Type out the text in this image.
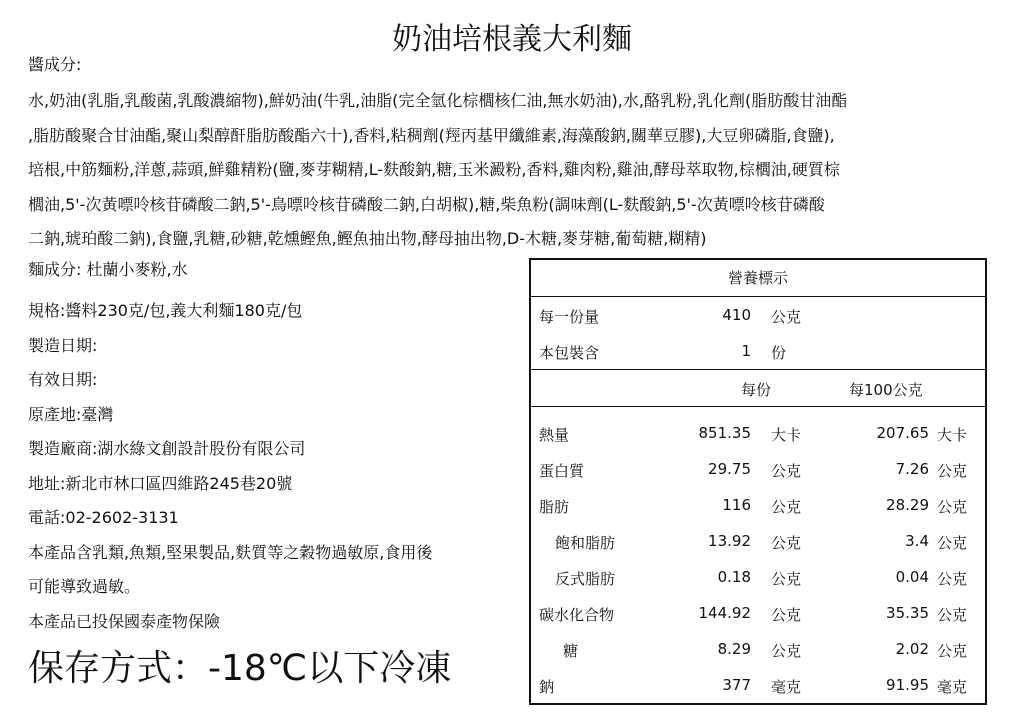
奶油培根義大利麵
醬成分:
水,奶油(乳脂,乳酸菌,乳酸濃縮物),鮮奶油(牛乳,油脂(完全氫化棕櫚核仁油,無水奶油),水,酪乳粉,乳化劑(脂肪酸甘油酯
,脂肪酸聚合甘油酯,聚山梨醇酐脂肪酸酯六十),香料,粘稠劑(羥丙基甲纖維素,海藻酸鈉,關華豆膠),大豆卵磷脂,食鹽),
培根,中筋麵粉,洋蔥,蒜頭,鮮雞精粉(鹽,麥芽糊精,L-麩酸鈉,糖,玉米澱粉,香料,雞肉粉,雞油,酵母萃取物,棕櫚油,硬質棕
櫚油,5'-次黃嘌呤核苷磷酸二鈉,5'-鳥嘌呤核苷磷酸二鈉,白胡椒),糖,柴魚粉(調味劑(L-麩酸鈉,5'-次黃嘌呤核苷磷酸
二鈉,琥珀酸二鈉),食鹽,乳糖,砂糖,乾燻鰹魚,鰹魚抽出物,酵母抽出物,D-木糖,麥芽糖,葡萄糖,糊精)
麵成分: 杜蘭小麥粉,水
規格:醬料230克/包,義大利麵180克/包
製造日期:
有效日期:
原產地:臺灣
製造廠商:湖水綠文創設計股份有限公司
地址:新北市林口區四維路245巷20號
電話:02-2602-3131
本產品含乳類,魚類,堅果製品,麩質等之穀物過敏原,食用後
可能導致過敏。
本產品已投保國泰產物保險
保存方式：-18℃以下冷凍
營養標示
每一份量	410 公克
本包裝含	1 份
每份	每100公克
熱量	851.35 大卡	207.65 大卡
蛋白質	29.75 公克	7.26 公克
脂肪	116 公克	28.29 公克
飽和脂肪	13.92 公克	3.4 公克
反式脂肪	0.18 公克	0.04 公克
碳水化合物	144.92 公克	35.35 公克
糖	8.29 公克	2.02 公克
鈉	377 毫克	91.95 毫克
